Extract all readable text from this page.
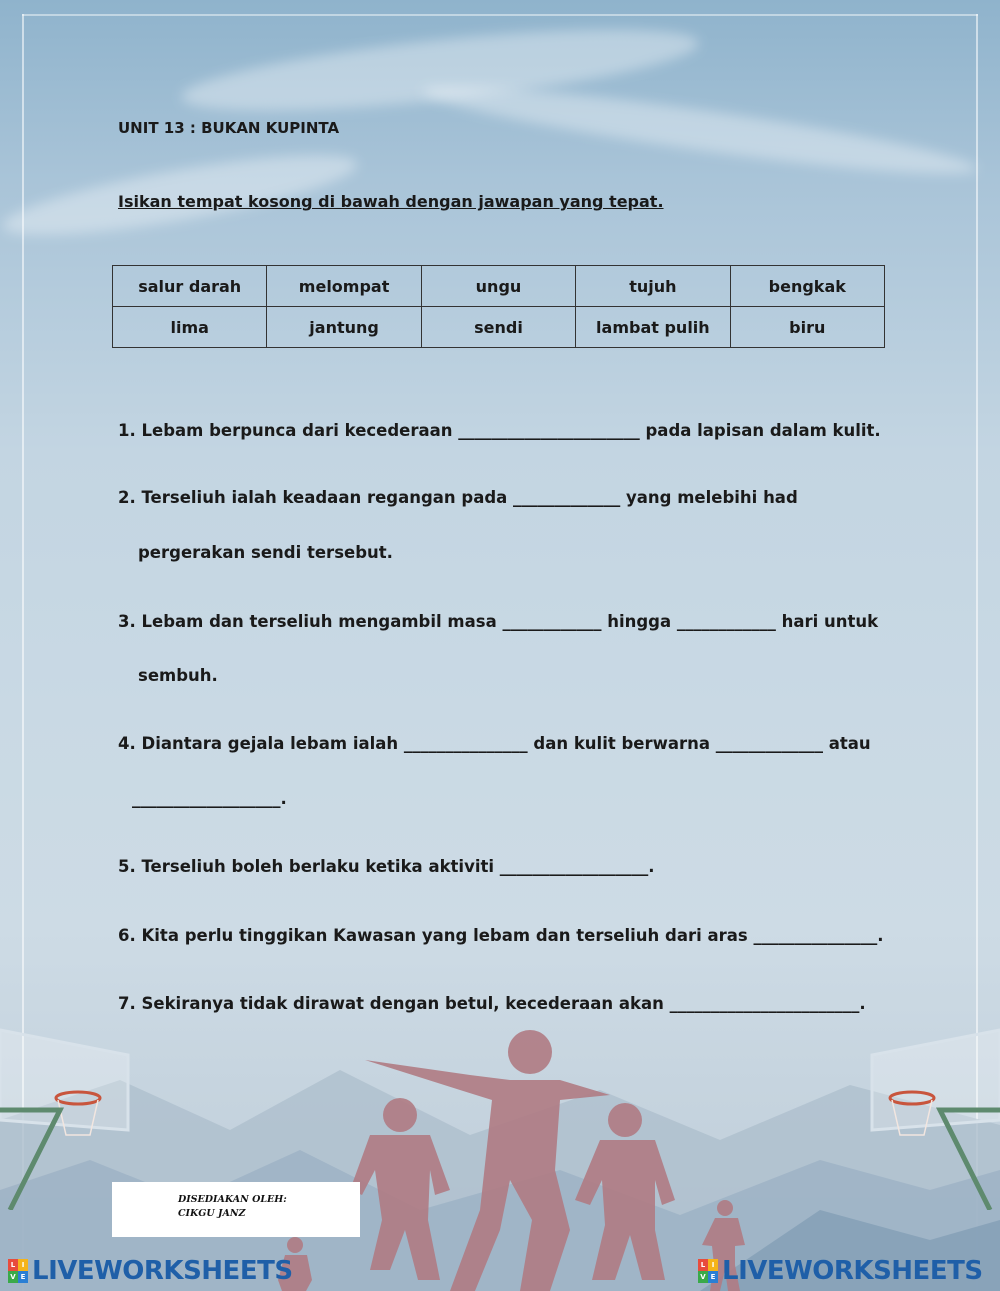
UNIT 13 : BUKAN KUPINTA
Isikan tempat kosong di bawah dengan jawapan yang tepat.
salur darah	melompat	ungu	tujuh	bengkak
lima	jantung	sendi	lambat pulih	biru
1. Lebam berpunca dari kecederaan ______________________ pada lapisan dalam kulit.
2. Terseliuh ialah keadaan regangan pada _____________ yang melebihi had
pergerakan sendi tersebut.
3. Lebam dan terseliuh mengambil masa ____________ hingga ____________ hari untuk
sembuh.
4. Diantara gejala lebam ialah _______________ dan kulit berwarna _____________ atau
__________________.
5. Terseliuh boleh berlaku ketika aktiviti __________________.
6. Kita perlu tinggikan Kawasan yang lebam dan terseliuh dari aras _______________.
7. Sekiranya tidak dirawat dengan betul, kecederaan akan _______________________.
DISEDIAKAN OLEH:
CIKGU JANZ
L I
V E LIVEWORKSHEETS	L I
V E LIVEWORKSHEETS
